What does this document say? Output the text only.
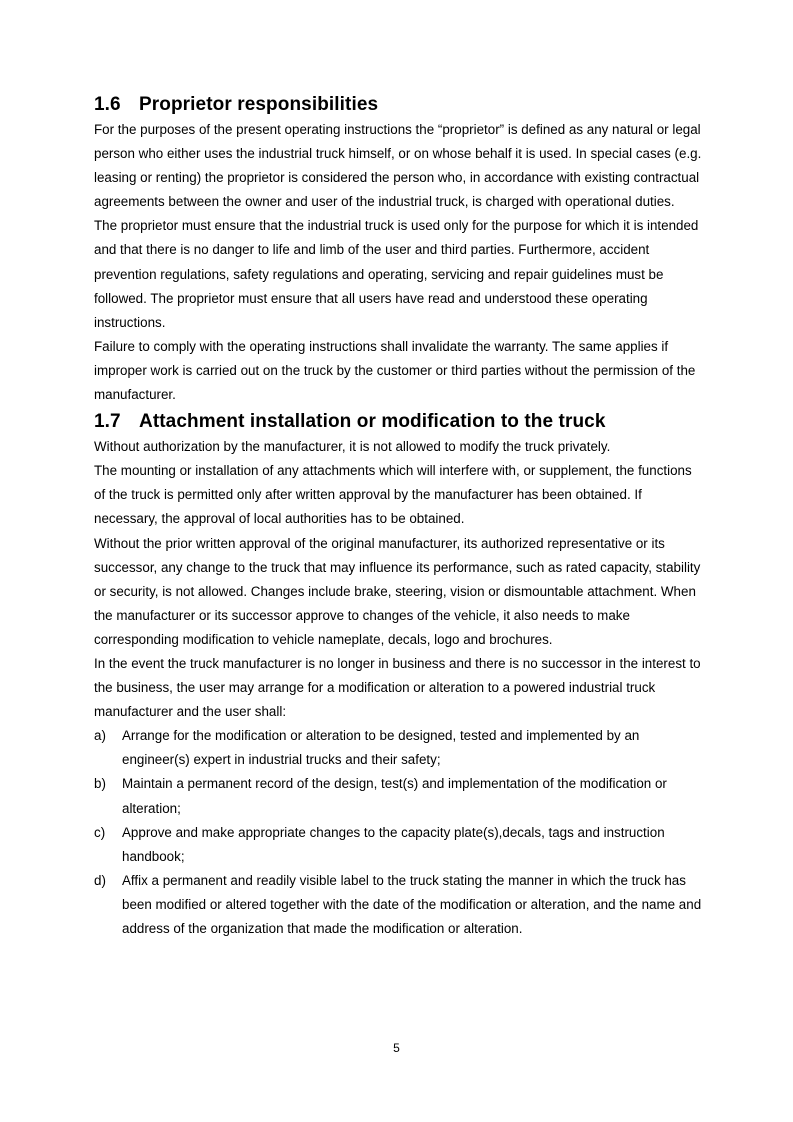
1.6 Proprietor responsibilities

For the purposes of the present operating instructions the “proprietor” is defined as any natural or legal person who either uses the industrial truck himself, or on whose behalf it is used. In special cases (e.g. leasing or renting) the proprietor is considered the person who, in accordance with existing contractual agreements between the owner and user of the industrial truck, is charged with operational duties.

The proprietor must ensure that the industrial truck is used only for the purpose for which it is intended and that there is no danger to life and limb of the user and third parties. Furthermore, accident prevention regulations, safety regulations and operating, servicing and repair guidelines must be followed. The proprietor must ensure that all users have read and understood these operating instructions.

Failure to comply with the operating instructions shall invalidate the warranty. The same applies if improper work is carried out on the truck by the customer or third parties without the permission of the manufacturer.

1.7 Attachment installation or modification to the truck

Without authorization by the manufacturer, it is not allowed to modify the truck privately.

The mounting or installation of any attachments which will interfere with, or supplement, the functions of the truck is permitted only after written approval by the manufacturer has been obtained. If necessary, the approval of local authorities has to be obtained.

Without the prior written approval of the original manufacturer, its authorized representative or its successor, any change to the truck that may influence its performance, such as rated capacity, stability or security, is not allowed. Changes include brake, steering, vision or dismountable attachment. When the manufacturer or its successor approve to changes of the vehicle, it also needs to make corresponding modification to vehicle nameplate, decals, logo and brochures.

In the event the truck manufacturer is no longer in business and there is no successor in the interest to the business, the user may arrange for a modification or alteration to a powered industrial truck manufacturer and the user shall:

a) Arrange for the modification or alteration to be designed, tested and implemented by an engineer(s) expert in industrial trucks and their safety;
b) Maintain a permanent record of the design, test(s) and implementation of the modification or alteration;
c) Approve and make appropriate changes to the capacity plate(s),decals, tags and instruction handbook;
d) Affix a permanent and readily visible label to the truck stating the manner in which the truck has been modified or altered together with the date of the modification or alteration, and the name and address of the organization that made the modification or alteration.
5
